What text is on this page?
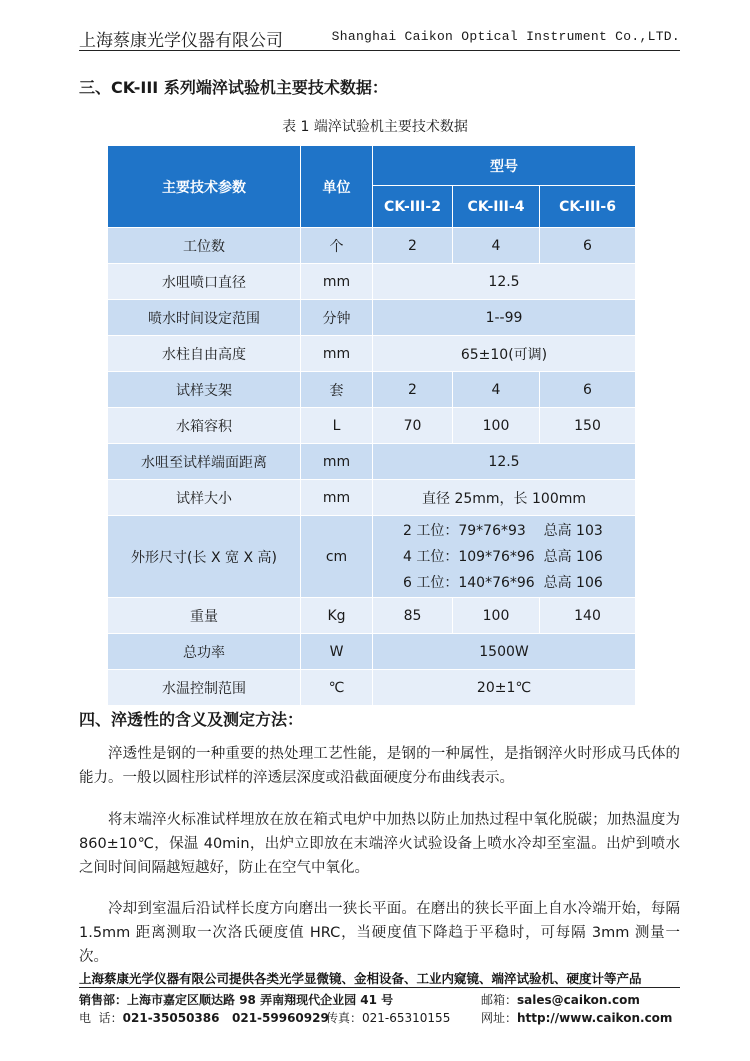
上海蔡康光学仪器有限公司	Shanghai Caikon Optical Instrument Co.,LTD.
三、CK-III 系列端淬试验机主要技术数据：
表 1 端淬试验机主要技术数据
主要技术参数	单位	型号		
		CK-III-2	CK-III-4	CK-III-6
工位数	个	2	4	6
水咀喷口直径	mm	12.5		
喷水时间设定范围	分钟	1--99		
水柱自由高度	mm	65±10(可调)		
试样支架	套	2	4	6
水箱容积	L	70	100	150
水咀至试样端面距离	mm	12.5		
试样大小	mm	直径 25mm，长 100mm		
外形尺寸(长 X 宽 X 高)	cm	2 工位：79*76*93    总高 103
4 工位：109*76*96  总高 106
6 工位：140*76*96  总高 106		

重量	Kg	85	100	140
总功率	W	1500W		
水温控制范围	℃	20±1℃		
四、淬透性的含义及测定方法：

淬透性是钢的一种重要的热处理工艺性能，是钢的一种属性，是指钢淬火时形成马氏体的能力。一般以圆柱形试样的淬透层深度或沿截面硬度分布曲线表示。

将末端淬火标准试样埋放在放在箱式电炉中加热以防止加热过程中氧化脱碳；加热温度为 860±10℃，保温 40min，出炉立即放在末端淬火试验设备上喷水冷却至室温。出炉到喷水之间时间间隔越短越好，防止在空气中氧化。

冷却到室温后沿试样长度方向磨出一狭长平面。在磨出的狭长平面上自水冷端开始，每隔 1.5mm 距离测取一次洛氏硬度值 HRC，当硬度值下降趋于平稳时，可每隔 3mm 测量一次。

上海蔡康光学仪器有限公司提供各类光学显微镜、金相设备、工业内窥镜、端淬试验机、硬度计等产品
销售部：上海市嘉定区顺达路 98 弄南翔现代企业园 41 号	邮箱：sales@caikon.com
电  话：021-35050386   021-59960929
传真：021-65310155	网址：http://www.caikon.com
